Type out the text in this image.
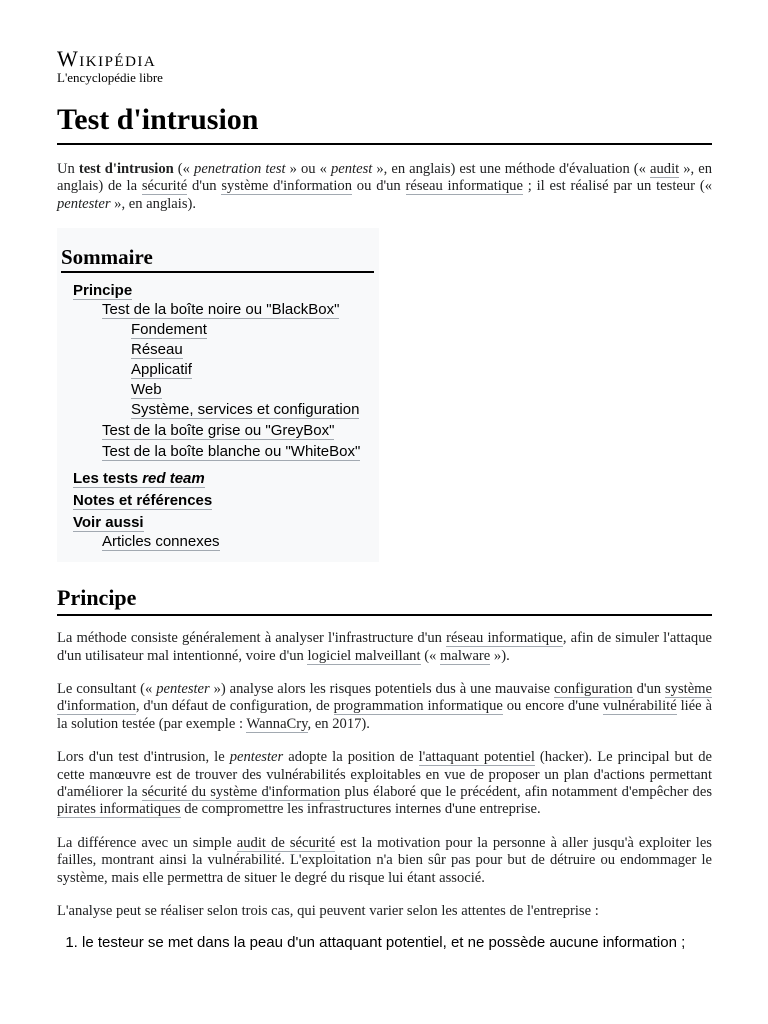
Wikipédia
L'encyclopédie libre
Test d'intrusion

Un test d'intrusion (« penetration test » ou « pentest », en anglais) est une méthode d'évaluation (« audit », en anglais) de la sécurité d'un système d'information ou d'un réseau informatique ; il est réalisé par un testeur (« pentester », en anglais).

Sommaire
Principe
Test de la boîte noire ou "BlackBox"
Fondement
Réseau
Applicatif
Web
Système, services et configuration
Test de la boîte grise ou "GreyBox"
Test de la boîte blanche ou "WhiteBox"
Les tests red team
Notes et références
Voir aussi
Articles connexes
Principe

La méthode consiste généralement à analyser l'infrastructure d'un réseau informatique, afin de simuler l'attaque d'un utilisateur mal intentionné, voire d'un logiciel malveillant (« malware »).

Le consultant (« pentester ») analyse alors les risques potentiels dus à une mauvaise configuration d'un système d'information, d'un défaut de configuration, de programmation informatique ou encore d'une vulnérabilité liée à la solution testée (par exemple : WannaCry, en 2017).

Lors d'un test d'intrusion, le pentester adopte la position de l'attaquant potentiel (hacker). Le principal but de cette manœuvre est de trouver des vulnérabilités exploitables en vue de proposer un plan d'actions permettant d'améliorer la sécurité du système d'information plus élaboré que le précédent, afin notamment d'empêcher des pirates informatiques de compromettre les infrastructures internes d'une entreprise.

La différence avec un simple audit de sécurité est la motivation pour la personne à aller jusqu'à exploiter les failles, montrant ainsi la vulnérabilité. L'exploitation n'a bien sûr pas pour but de détruire ou endommager le système, mais elle permettra de situer le degré du risque lui étant associé.

L'analyse peut se réaliser selon trois cas, qui peuvent varier selon les attentes de l'entreprise :

1. le testeur se met dans la peau d'un attaquant potentiel, et ne possède aucune information ;
